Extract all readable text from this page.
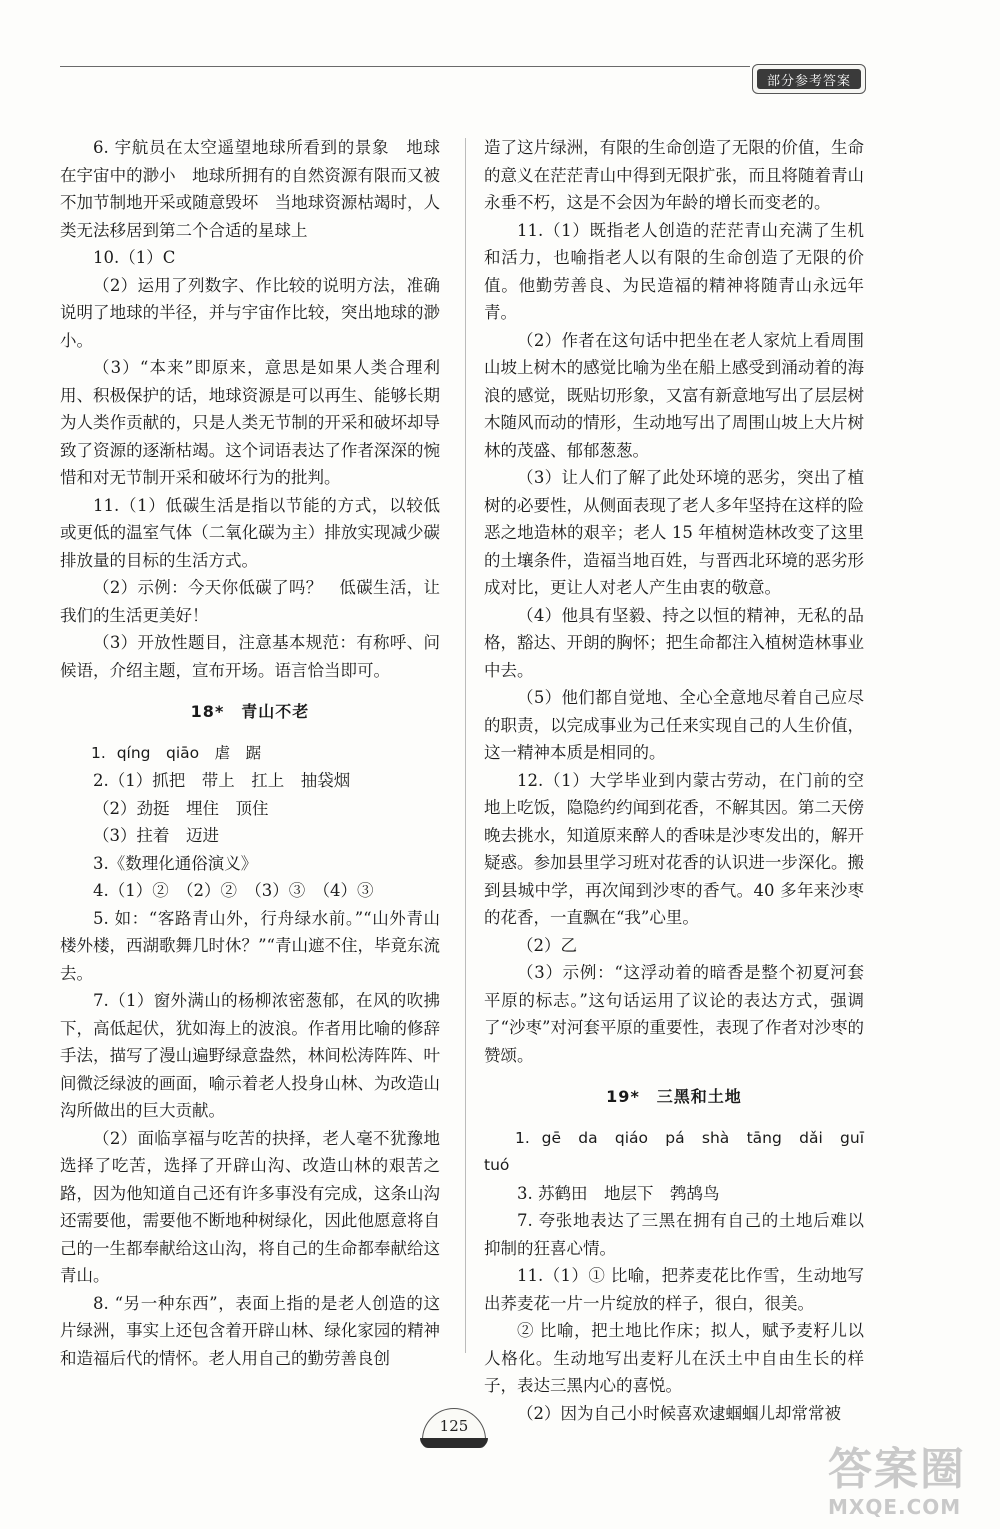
部分参考答案

6. 宇航员在太空遥望地球所看到的景象　地球在宇宙中的渺小　地球所拥有的自然资源有限而又被不加节制地开采或随意毁坏　当地球资源枯竭时，人类无法移居到第二个合适的星球上

10.（1）C

（2）运用了列数字、作比较的说明方法，准确说明了地球的半径，并与宇宙作比较，突出地球的渺小。

（3）“本来”即原来，意思是如果人类合理利用、积极保护的话，地球资源是可以再生、能够长期为人类作贡献的，只是人类无节制的开采和破坏却导致了资源的逐渐枯竭。这个词语表达了作者深深的惋惜和对无节制开采和破坏行为的批判。

11.（1）低碳生活是指以节能的方式，以较低或更低的温室气体（二氧化碳为主）排放实现减少碳排放量的目标的生活方式。

（2）示例：今天你低碳了吗？　低碳生活，让我们的生活更美好！

（3）开放性题目，注意基本规范：有称呼、问候语，介绍主题，宣布开场。语言恰当即可。

18*　青山不老

1. qíng　qiāo　虐　踞

2.（1）抓把　带上　扛上　抽袋烟

（2）劲挺　埋住　顶住

（3）拄着　迈进

3.《数理化通俗演义》

4.（1）②　（2）②　（3）③　（4）③

5. 如：“客路青山外，行舟绿水前。”“山外青山楼外楼，西湖歌舞几时休？”“青山遮不住，毕竟东流去。

7.（1）窗外满山的杨柳浓密葱郁，在风的吹拂下，高低起伏，犹如海上的波浪。作者用比喻的修辞手法，描写了漫山遍野绿意盎然，林间松涛阵阵、叶间微泛绿波的画面，喻示着老人投身山林、为改造山沟所做出的巨大贡献。

（2）面临享福与吃苦的抉择，老人毫不犹豫地选择了吃苦，选择了开辟山沟、改造山林的艰苦之路，因为他知道自己还有许多事没有完成，这条山沟还需要他，需要他不断地种树绿化，因此他愿意将自己的一生都奉献给这山沟，将自己的生命都奉献给这青山。

8. “另一种东西”，表面上指的是老人创造的这片绿洲，事实上还包含着开辟山林、绿化家园的精神和造福后代的情怀。老人用自己的勤劳善良创

造了这片绿洲，有限的生命创造了无限的价值，生命的意义在茫茫青山中得到无限扩张，而且将随着青山永垂不朽，这是不会因为年龄的增长而变老的。

11.（1）既指老人创造的茫茫青山充满了生机和活力，也喻指老人以有限的生命创造了无限的价值。他勤劳善良、为民造福的精神将随青山永远年青。

（2）作者在这句话中把坐在老人家炕上看周围山坡上树木的感觉比喻为坐在船上感受到涌动着的海浪的感觉，既贴切形象，又富有新意地写出了层层树木随风而动的情形，生动地写出了周围山坡上大片树林的茂盛、郁郁葱葱。

（3）让人们了解了此处环境的恶劣，突出了植树的必要性，从侧面表现了老人多年坚持在这样的险恶之地造林的艰辛；老人 15 年植树造林改变了这里的土壤条件，造福当地百姓，与晋西北环境的恶劣形成对比，更让人对老人产生由衷的敬意。

（4）他具有坚毅、持之以恒的精神，无私的品格，豁达、开朗的胸怀；把生命都注入植树造林事业中去。

（5）他们都自觉地、全心全意地尽着自己应尽的职责，以完成事业为己任来实现自己的人生价值，这一精神本质是相同的。

12.（1）大学毕业到内蒙古劳动，在门前的空地上吃饭，隐隐约约闻到花香，不解其因。第二天傍晚去挑水，知道原来醉人的香味是沙枣发出的，解开疑惑。参加县里学习班对花香的认识进一步深化。搬到县城中学，再次闻到沙枣的香气。40 多年来沙枣的花香，一直飘在“我”心里。

（2）乙

（3）示例：“这浮动着的暗香是整个初夏河套平原的标志。”这句话运用了议论的表达方式，强调了“沙枣”对河套平原的重要性，表现了作者对沙枣的赞颂。

19*　三黑和土地

1. gē　da　qiáo　pá　shà　tāng　dǎi　guī　tuó

3. 苏鹤田　地层下　鹁鸪鸟

7. 夸张地表达了三黑在拥有自己的土地后难以抑制的狂喜心情。

11.（1）① 比喻，把荞麦花比作雪，生动地写出荞麦花一片一片绽放的样子，很白，很美。

② 比喻，把土地比作床；拟人，赋予麦籽儿以人格化。生动地写出麦籽儿在沃土中自由生长的样子，表达三黑内心的喜悦。

（2）因为自己小时候喜欢逮蝈蝈儿却常常被

125
答案圈
MXQE.COM
